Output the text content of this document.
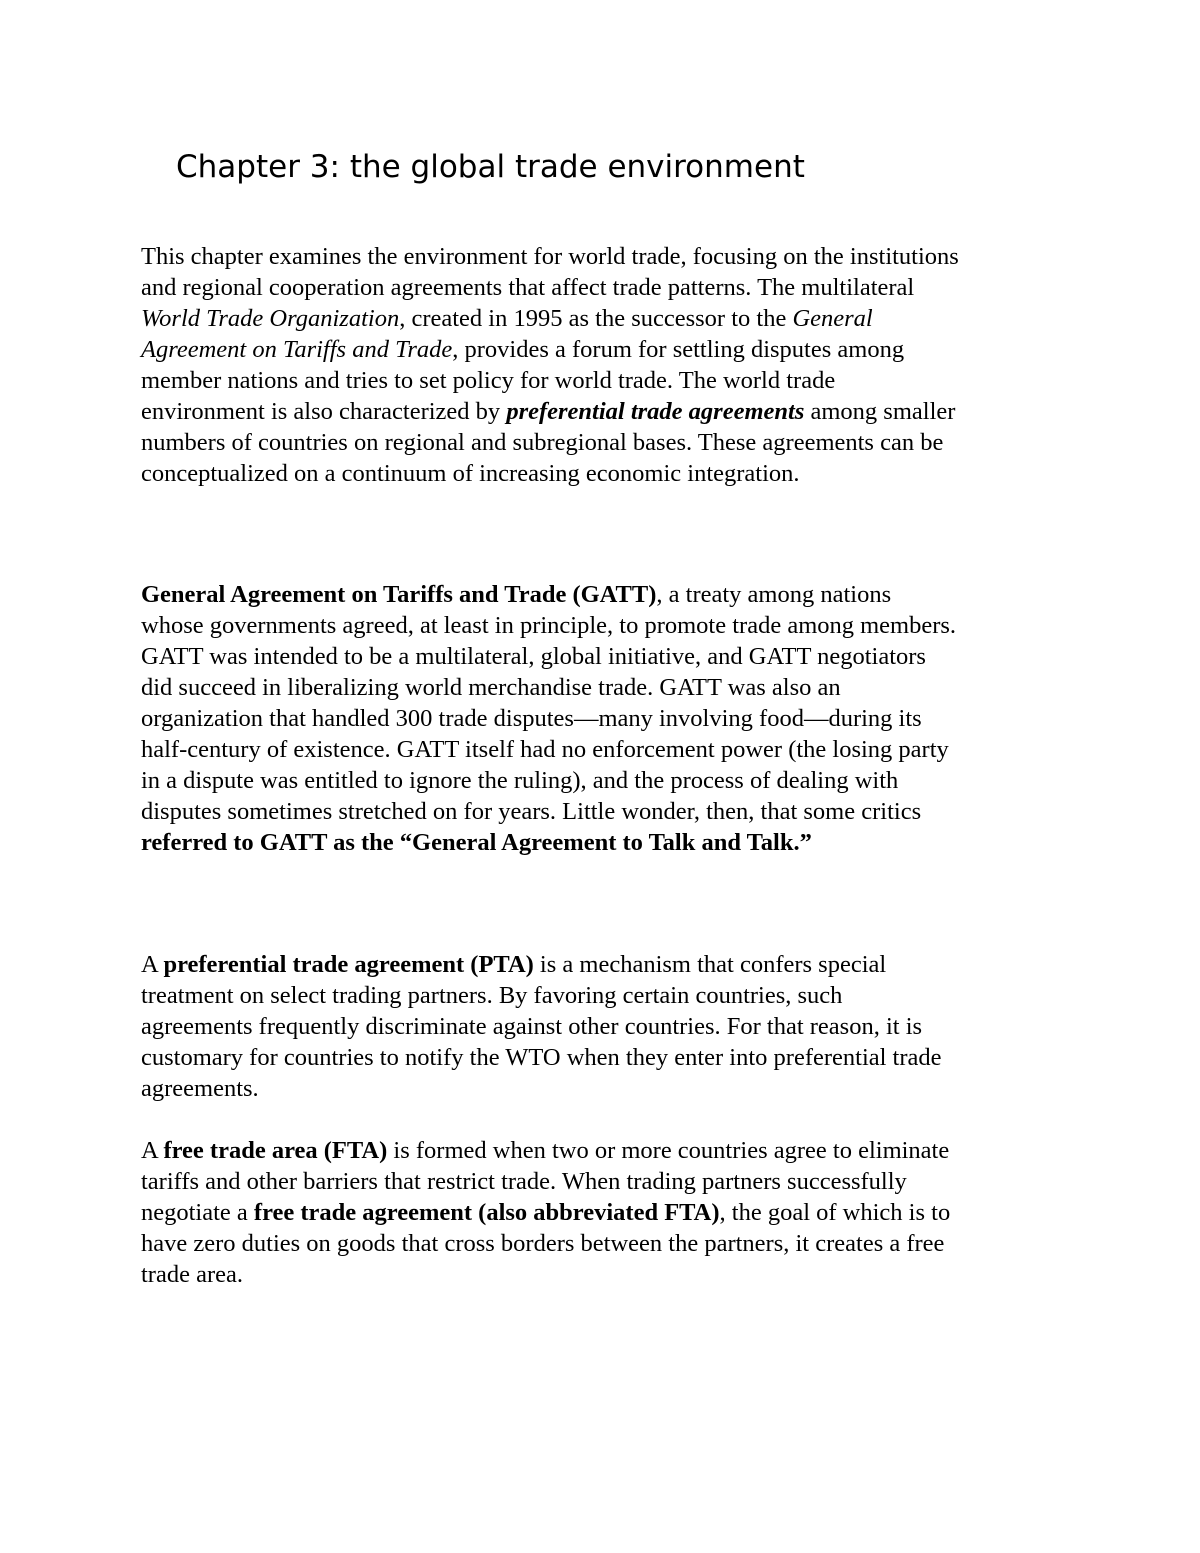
Chapter 3: the global trade environment
This chapter examines the environment for world trade, focusing on the institutions
and regional cooperation agreements that affect trade patterns. The multilateral
World Trade Organization, created in 1995 as the successor to the General
Agreement on Tariffs and Trade, provides a forum for settling disputes among
member nations and tries to set policy for world trade. The world trade
environment is also characterized by preferential trade agreements among smaller
numbers of countries on regional and subregional bases. These agreements can be
conceptualized on a continuum of increasing economic integration.
General Agreement on Tariffs and Trade (GATT), a treaty among nations
whose governments agreed, at least in principle, to promote trade among members.
GATT was intended to be a multilateral, global initiative, and GATT negotiators
did succeed in liberalizing world merchandise trade. GATT was also an
organization that handled 300 trade disputes—many involving food—during its
half-century of existence. GATT itself had no enforcement power (the losing party
in a dispute was entitled to ignore the ruling), and the process of dealing with
disputes sometimes stretched on for years. Little wonder, then, that some critics
referred to GATT as the “General Agreement to Talk and Talk.”
A preferential trade agreement (PTA) is a mechanism that confers special
treatment on select trading partners. By favoring certain countries, such
agreements frequently discriminate against other countries. For that reason, it is
customary for countries to notify the WTO when they enter into preferential trade
agreements.
A free trade area (FTA) is formed when two or more countries agree to eliminate
tariffs and other barriers that restrict trade. When trading partners successfully
negotiate a free trade agreement (also abbreviated FTA), the goal of which is to
have zero duties on goods that cross borders between the partners, it creates a free
trade area.
